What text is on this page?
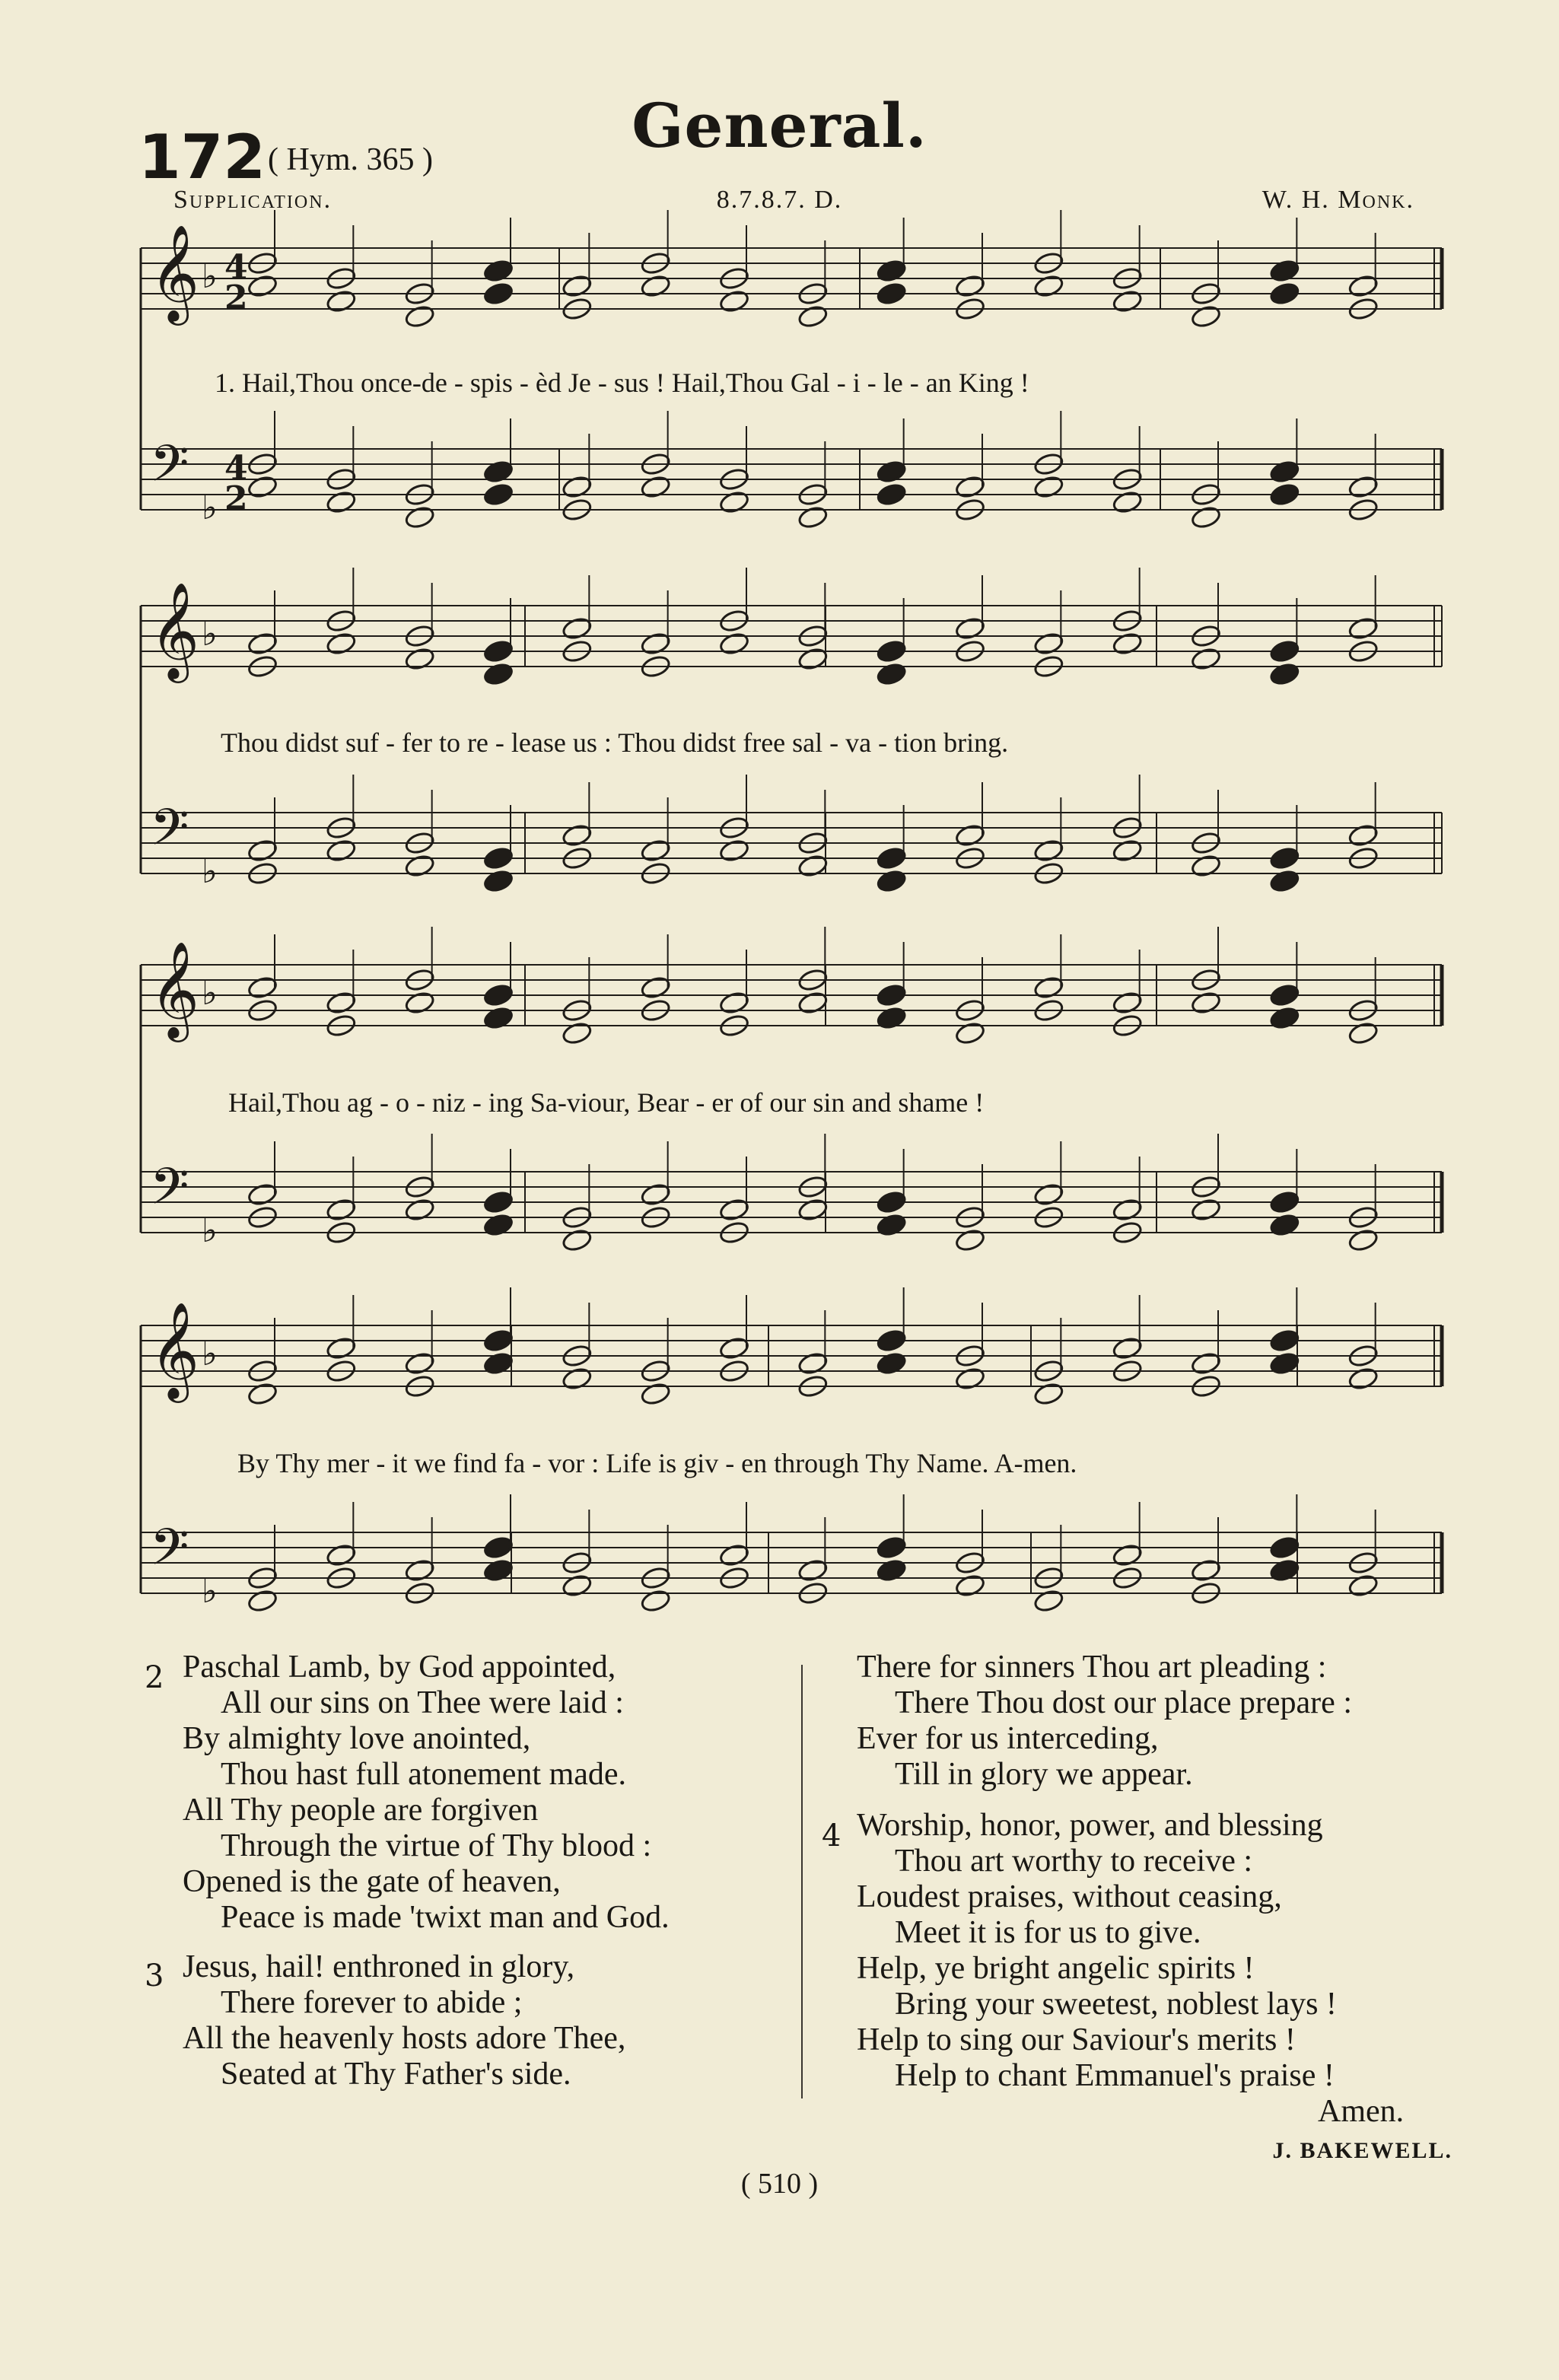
General.
172 ( Hym. 365 )
Supplication.	8.7.8.7. D.	W. H. Monk.
𝄞 ♭
𝄢
♭
𝄞 ♭
𝄢
♭
𝄞 ♭
𝄢
♭
𝄞 ♭
𝄢
♭
4
2
4
2
1. Hail,Thou once-de - spis - èd Je - sus ! Hail,Thou Gal - i - le - an King !
Thou didst suf - fer to re - lease us : Thou didst free sal - va - tion bring.
Hail,Thou ag - o - niz - ing Sa-viour, Bear - er of our sin and shame !
By Thy mer - it we find fa - vor : Life is giv - en through Thy Name. A-men.
2 Paschal Lamb, by God appointed,
All our sins on Thee were laid :
By almighty love anointed,
Thou hast full atonement made.
All Thy people are forgiven
Through the virtue of Thy blood :
Opened is the gate of heaven,
Peace is made 'twixt man and God.
3 Jesus, hail! enthroned in glory,
There forever to abide ;
All the heavenly hosts adore Thee,
Seated at Thy Father's side.
There for sinners Thou art pleading :
There Thou dost our place prepare :
Ever for us interceding,
Till in glory we appear.
4 Worship, honor, power, and blessing
Thou art worthy to receive :
Loudest praises, without ceasing,
Meet it is for us to give.
Help, ye bright angelic spirits !
Bring your sweetest, noblest lays !
Help to sing our Saviour's merits !
Help to chant Emmanuel's praise !
Amen.
J. BAKEWELL.
( 510 )
